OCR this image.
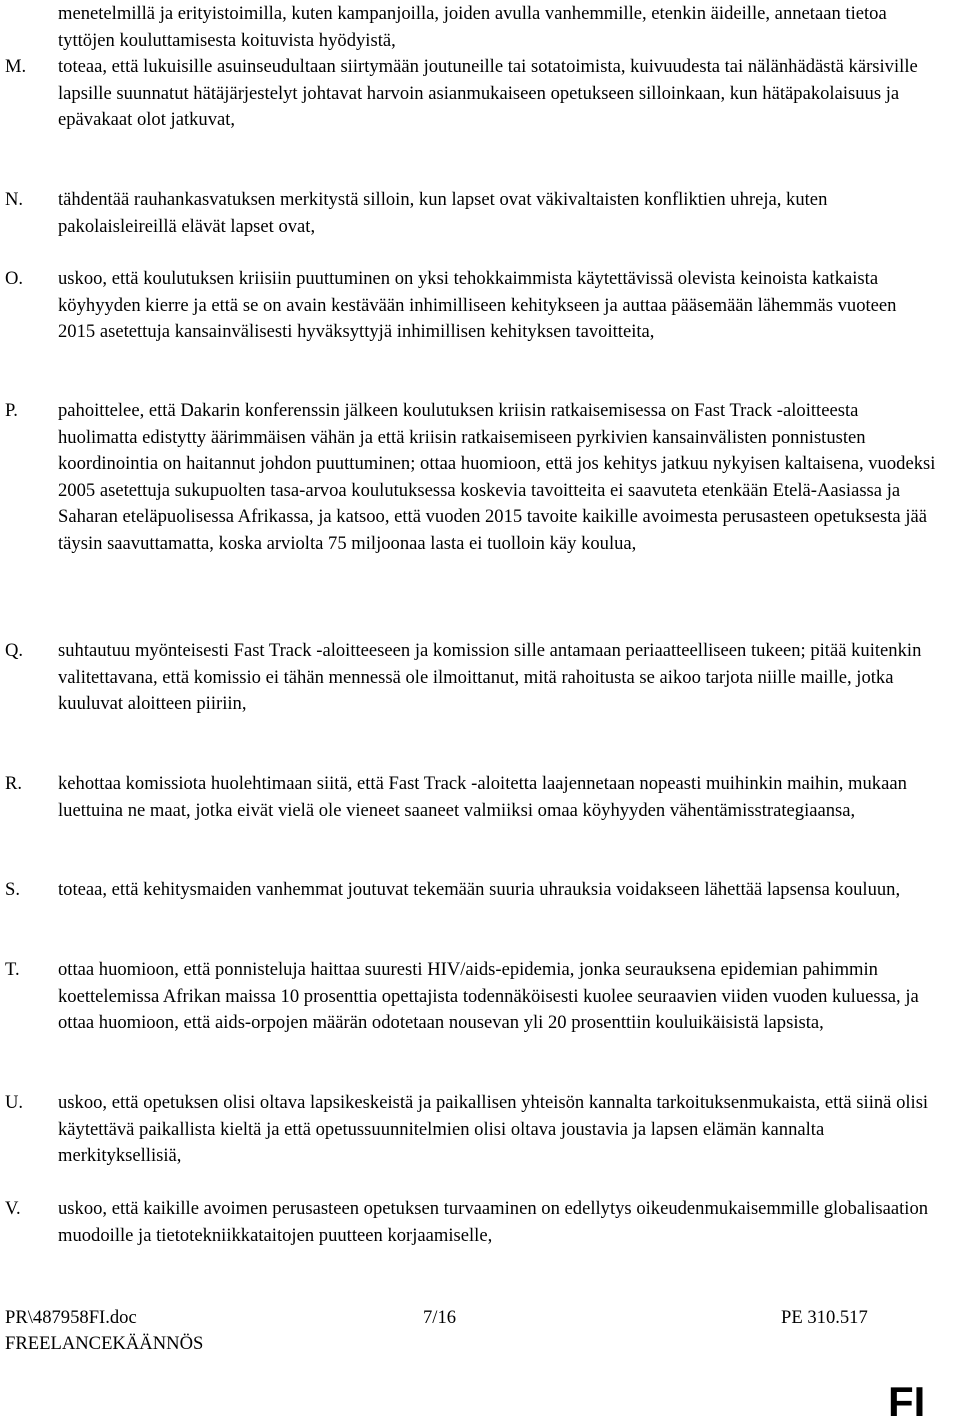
menetelmillä ja erityistoimilla, kuten kampanjoilla, joiden avulla vanhemmille, etenkin äideille, annetaan tietoa tyttöjen kouluttamisesta koituvista hyödyistä,
M. toteaa, että lukuisille asuinseudultaan siirtymään joutuneille tai sotatoimista, kuivuudesta tai nälänhädästä kärsiville lapsille suunnatut hätäjärjestelyt johtavat harvoin asianmukaiseen opetukseen silloinkaan, kun hätäpakolaisuus ja epävakaat olot jatkuvat,
N. tähdentää rauhankasvatuksen merkitystä silloin, kun lapset ovat väkivaltaisten konfliktien uhreja, kuten pakolaisleireillä elävät lapset ovat,
O. uskoo, että koulutuksen kriisiin puuttuminen on yksi tehokkaimmista käytettävissä olevista keinoista katkaista köyhyyden kierre ja että se on avain kestävään inhimilliseen kehitykseen ja auttaa pääsemään lähemmäs vuoteen 2015 asetettuja kansainvälisesti hyväksyttyjä inhimillisen kehityksen tavoitteita,
P. pahoittelee, että Dakarin konferenssin jälkeen koulutuksen kriisin ratkaisemisessa on Fast Track -aloitteesta huolimatta edistytty äärimmäisen vähän ja että kriisin ratkaisemiseen pyrkivien kansainvälisten ponnistusten koordinointia on haitannut johdon puuttuminen; ottaa huomioon, että jos kehitys jatkuu nykyisen kaltaisena, vuodeksi 2005 asetettuja sukupuolten tasa-arvoa koulutuksessa koskevia tavoitteita ei saavuteta etenkään Etelä-Aasiassa ja Saharan eteläpuolisessa Afrikassa, ja katsoo, että vuoden 2015 tavoite kaikille avoimesta perusasteen opetuksesta jää täysin saavuttamatta, koska arviolta 75 miljoonaa lasta ei tuolloin käy koulua,
Q. suhtautuu myönteisesti Fast Track -aloitteeseen ja komission sille antamaan periaatteelliseen tukeen; pitää kuitenkin valitettavana, että komissio ei tähän mennessä ole ilmoittanut, mitä rahoitusta se aikoo tarjota niille maille, jotka kuuluvat aloitteen piiriin,
R. kehottaa komissiota huolehtimaan siitä, että Fast Track -aloitetta laajennetaan nopeasti muihinkin maihin, mukaan luettuina ne maat, jotka eivät vielä ole vieneet saaneet valmiiksi omaa köyhyyden vähentämisstrategiaansa,
S. toteaa, että kehitysmaiden vanhemmat joutuvat tekemään suuria uhrauksia voidakseen lähettää lapsensa kouluun,
T. ottaa huomioon, että ponnisteluja haittaa suuresti HIV/aids-epidemia, jonka seurauksena epidemian pahimmin koettelemissa Afrikan maissa 10 prosenttia opettajista todennäköisesti kuolee seuraavien viiden vuoden kuluessa, ja ottaa huomioon, että aids-orpojen määrän odotetaan nousevan yli 20 prosenttiin kouluikäisistä lapsista,
U. uskoo, että opetuksen olisi oltava lapsikeskeistä ja paikallisen yhteisön kannalta tarkoituksenmukaista, että siinä olisi käytettävä paikallista kieltä ja että opetussuunnitelmien olisi oltava joustavia ja lapsen elämän kannalta merkityksellisiä,
V. uskoo, että kaikille avoimen perusasteen opetuksen turvaaminen on edellytys oikeudenmukaisemmille globalisaation muodoille ja tietotekniikkataitojen puutteen korjaamiselle,
PR\487958FI.doc	7/16	PE 310.517
FREELANCEKÄÄNNÖS
FI
